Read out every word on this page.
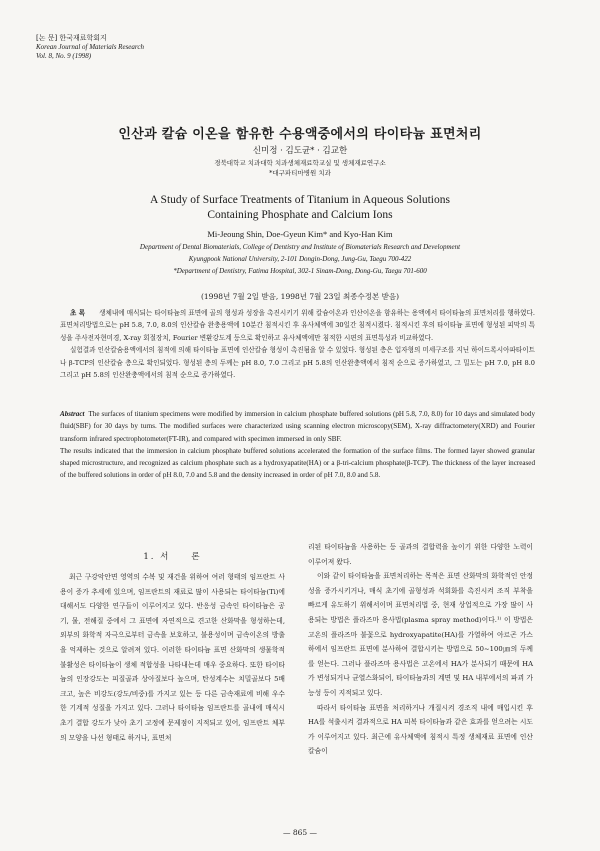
[논 문] 한국재료학회지
Korean Journal of Materials Research
Vol. 8, No. 9 (1998)
인산과 칼슘 이온을 함유한 수용액중에서의 타이타늄 표면처리
신미정 · 김도균* · 김교한
경북대학교 치과대학 치과생체재료학교실 및 생체재료연구소
*대구파티마병원 치과
A Study of Surface Treatments of Titanium in Aqueous Solutions
Containing Phosphate and Calcium Ions
Mi-Jeoung Shin, Doe-Gyeun Kim* and Kyo-Han Kim
Department of Dental Biomaterials, College of Dentistry and Institute of Biomaterials Research and Development
Kyungpook National University, 2-101 Dongin-Dong, Jung-Gu, Taegu 700-422
*Department of Dentistry, Fatima Hospital, 302-1 Sinam-Dong, Dong-Gu, Taegu 701-600
(1998년 7월 2일 받음, 1998년 7월 23일 최종수정본 받음)

초 록 생체내에 매식되는 타이타늄의 표면에 골의 형성과 성장을 촉진시키기 위해 칼슘이온과 인산이온을 함유하는 용액에서 타이타늄의 표면처리를 행하였다. 표면처리방법으로는 pH 5.8, 7.0, 8.0의 인산칼슘 완충용액에 10분간 침적시킨 후 유사체액에 30일간 침적시켰다. 침적시킨 후의 타이타늄 표면에 형성된 피막의 특성을 주사전자현미경, X-ray 회절장치, Fourier 변환강도계 등으로 확인하고 유사체액에만 침적한 시편의 표면특성과 비교하였다.

실험결과 인산칼슘용액에서의 침적에 의해 타이타늄 표면에 인산칼슘 형성이 촉진됨을 알 수 있었다. 형성된 층은 입자형의 미세구조를 지닌 하이드록시아파타이트나 β-TCP의 인산칼슘 층으로 확인되었다. 형성된 층의 두께는 pH 8.0, 7.0 그리고 pH 5.8의 인산완충액에서 침적 순으로 증가하였고, 그 밀도는 pH 7.0, pH 8.0 그리고 pH 5.8의 인산완충액에서의 침적 순으로 증가하였다.

Abstract The surfaces of titanium specimens were modified by immersion in calcium phosphate buffered solutions (pH 5.8, 7.0, 8.0) for 10 days and simulated body fluid(SBF) for 30 days by turns. The modified surfaces were characterized using scanning electron microscopy(SEM), X-ray diffractometery(XRD) and Fourier transform infrared spectrophotometer(FT-IR), and compared with specimen immersed in only SBF.

The results indicated that the immersion in calcium phosphate buffered solutions accelerated the formation of the surface films. The formed layer showed granular shaped microstructure, and recognized as calcium phosphate such as a hydroxyapatite(HA) or a β-tri-calcium phosphate(β-TCP). The thickness of the layer increased of the buffered solutions in order of pH 8.0, 7.0 and 5.8 and the density increased in order of pH 7.0, 8.0 and 5.8.

1. 서　　론

최근 구강악안면 영역의 수복 및 재건을 위하여 여러 형태의 임프란트 사용이 증가 추세에 있으며, 임프란트의 재료로 많이 사용되는 타이타늄(Ti)에 대해서도 다양한 연구들이 이루어지고 있다. 반응성 금속인 타이타늄은 공기, 물, 전해질 중에서 그 표면에 자연적으로 견고한 산화막을 형성하는데, 외부의 화학적 자극으로부터 금속을 보호하고, 불용성이며 금속이온의 방출을 억제하는 것으로 알려져 있다. 이러한 타이타늄 표면 산화막의 생물학적 불활성은 타이타늄이 생체 적합성을 나타내는데 매우 중요하다. 또한 타이타늄의 인장강도는 피질골과 상아질보다 높으며, 탄성계수는 치밀골보다 5배 크고, 높은 비강도(강도/비중)를 가지고 있는 등 다른 금속재료에 비해 우수한 기계적 성질을 가지고 있다. 그러나 타이타늄 임프란트를 골내에 매식시 초기 결합 강도가 낮아 초기 고정에 문제점이 지적되고 있어, 임프란트 체부의 모양을 나선 형태로 하거나, 표면처

리된 타이타늄을 사용하는 등 골과의 결합력을 높이기 위한 다양한 노력이 이루어져 왔다.

이와 같이 타이타늄을 표면처리하는 목적은 표면 산화막의 화학적인 안정성을 증가시키거나, 매식 초기에 골형성과 석회화를 촉진시켜 조직 부착을 빠르게 유도하기 위해서이며 표면처리법 중, 현재 상업적으로 가장 많이 사용되는 방법은 플라즈마 용사법(plasma spray method)이다.¹⁾ 이 방법은 고온의 플라즈마 불꽃으로 hydroxyapatite(HA)를 가열하여 아르곤 가스하에서 임프란트 표면에 분사하여 결합시키는 방법으로 50~100㎛의 두께를 얻는다. 그러나 플라즈마 용사법은 고온에서 HA가 분사되기 때문에 HA가 변성되거나 균열스화되어, 타이타늄과의 계면 및 HA 내부에서의 파괴 가능성 등이 지적되고 있다.

따라서 타이타늄 표면을 처리하거나 개질시켜 경조직 내에 매입시킨 후 HA를 석출시켜 결과적으로 HA 피복 타이타늄과 같은 효과를 얻으려는 시도가 이루어지고 있다. 최근에 유사체액에 침적시 특정 생체재료 표면에 인산칼슘이

— 865 —
